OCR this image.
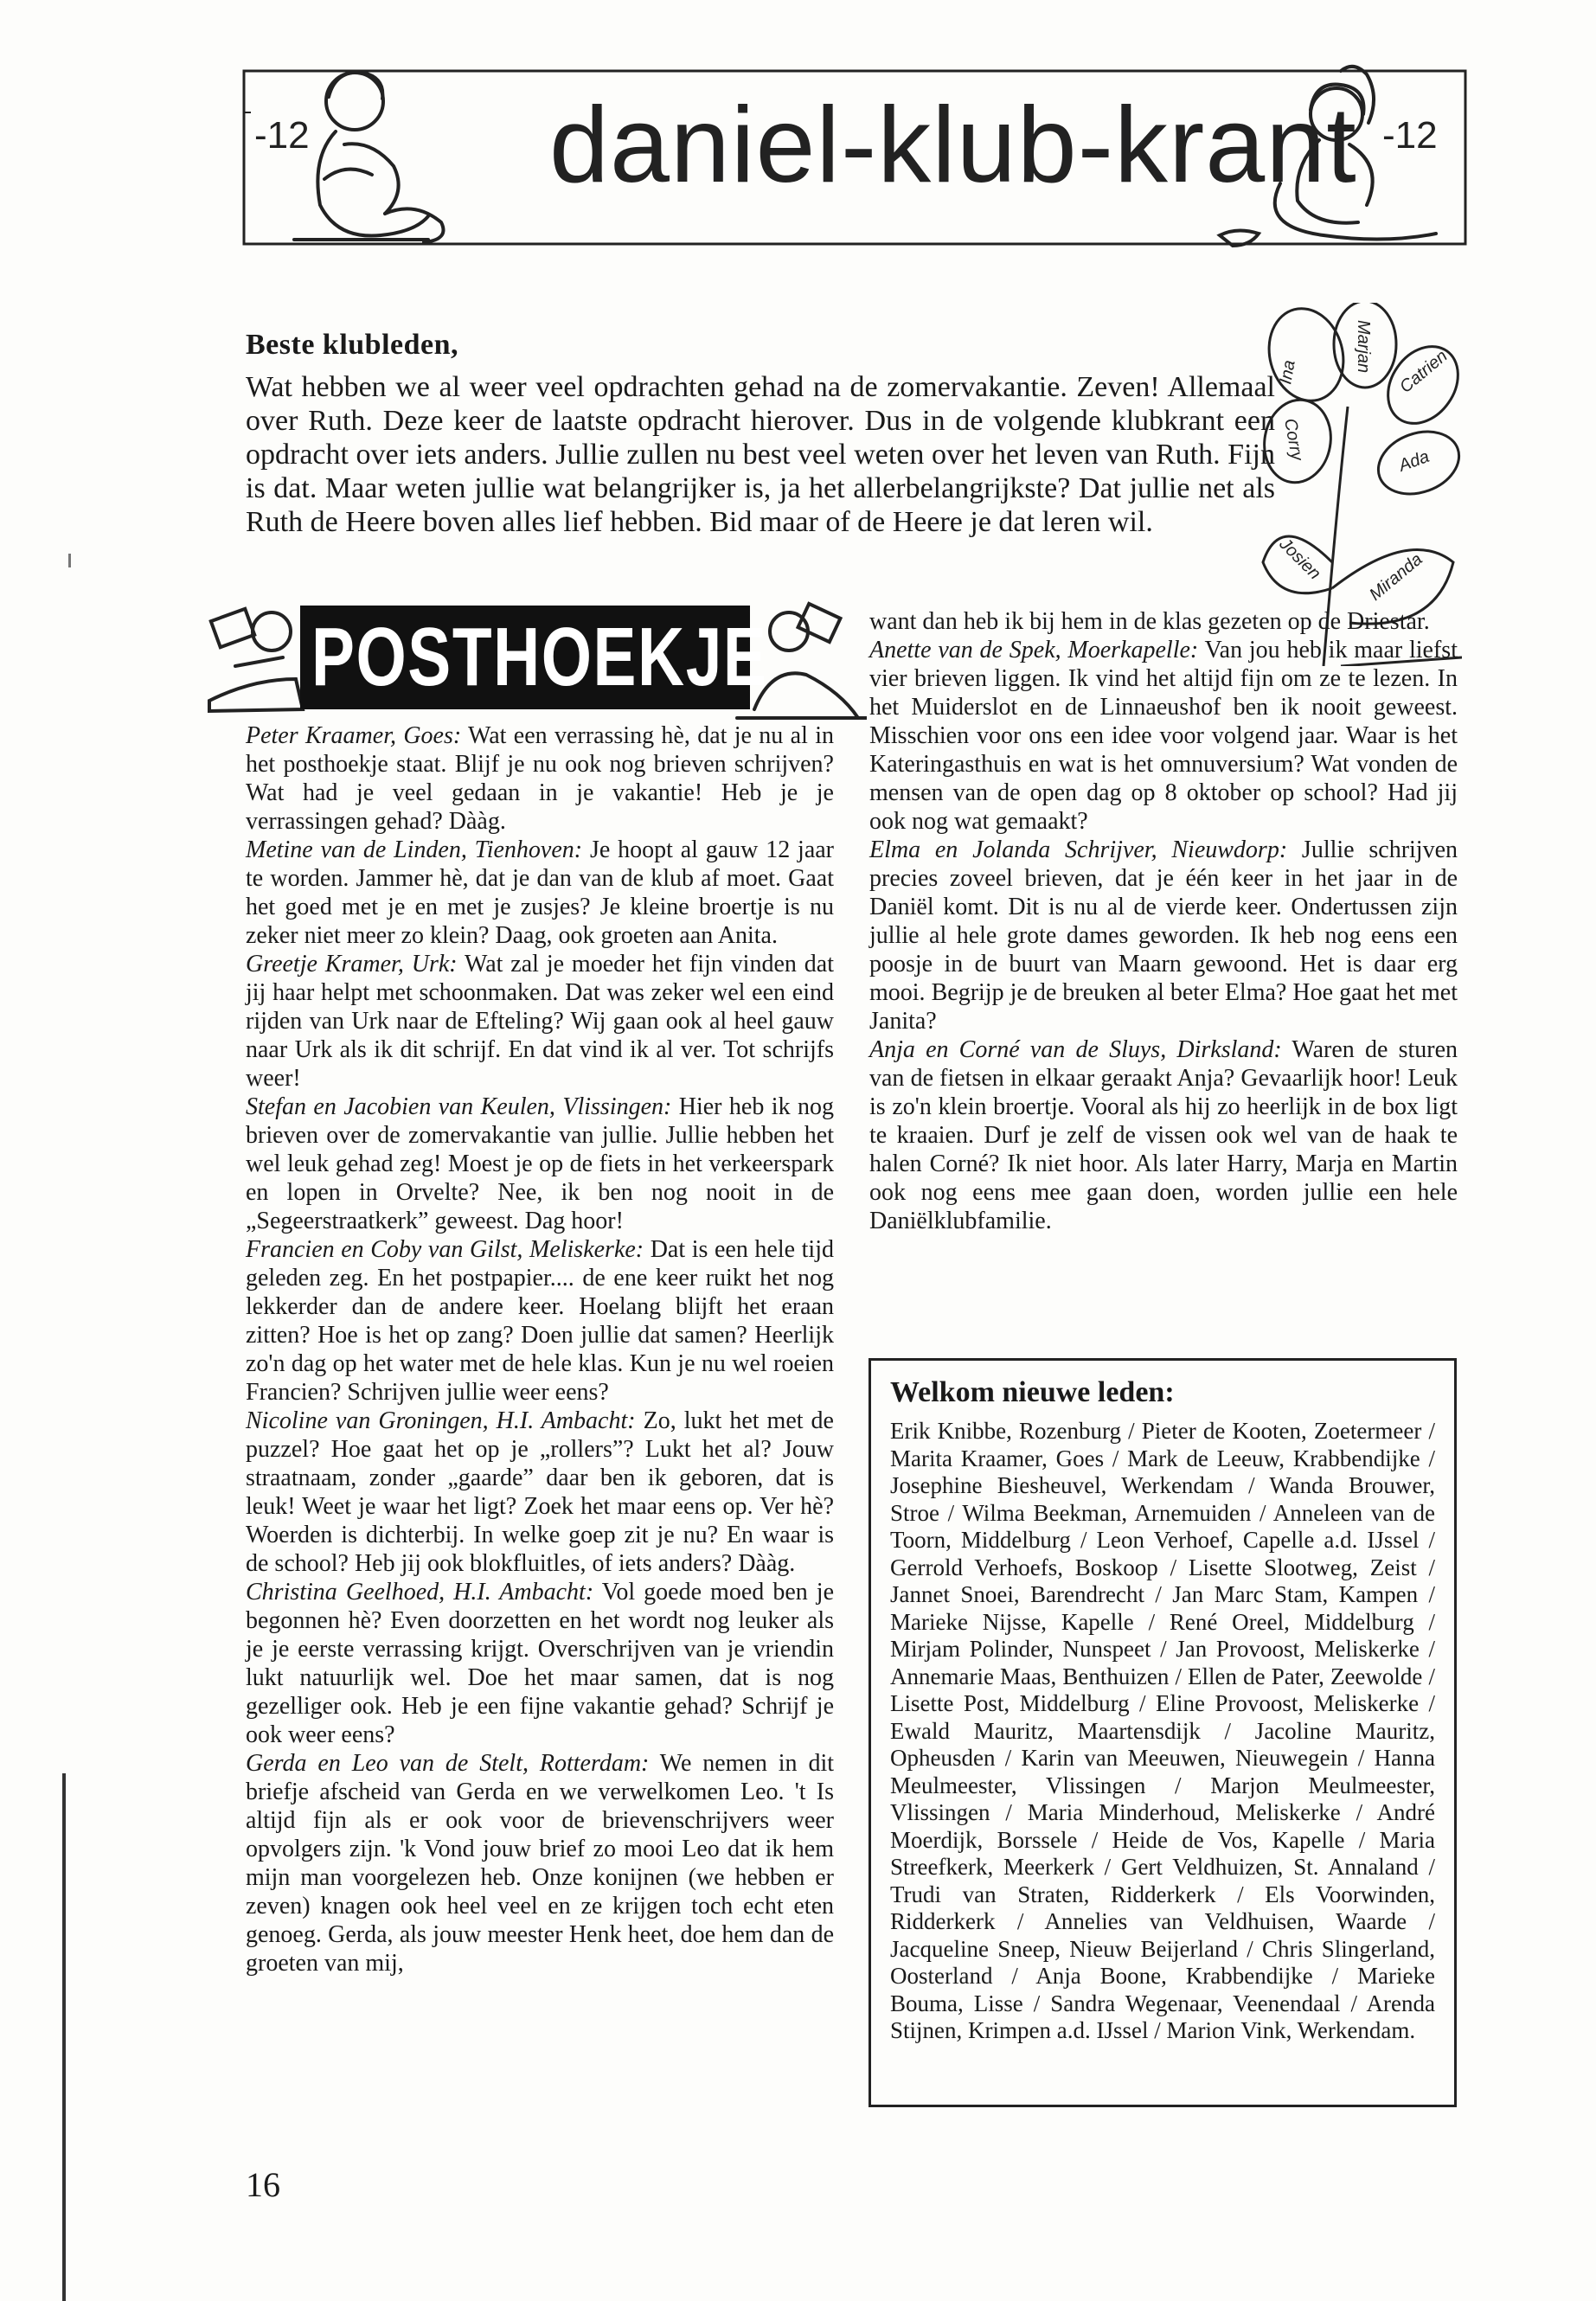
-12 daniel-klub-krant -12
Beste klubleden,

Wat hebben we al weer veel opdrachten gehad na de zomervakantie. Zeven! Allemaal over Ruth. Deze keer de laatste opdracht hierover. Dus in de volgende klubkrant een opdracht over iets anders. Jullie zullen nu best veel weten over het leven van Ruth. Fijn is dat. Maar weten jullie wat belangrijker is, ja het allerbelangrijkste? Dat jullie net als Ruth de Heere boven alles lief hebben. Bid maar of de Heere je dat leren wil.

Ina	Marjan Catrien
Corry	Ada
Josien Miranda
POSTHOEKJE

Peter Kraamer, Goes: Wat een verrassing hè, dat je nu al in het posthoekje staat. Blijf je nu ook nog brieven schrijven? Wat had je veel gedaan in je vakantie! Heb je je verrassingen gehad? Dààg.

Metine van de Linden, Tienhoven: Je hoopt al gauw 12 jaar te worden. Jammer hè, dat je dan van de klub af moet. Gaat het goed met je en met je zusjes? Je kleine broertje is nu zeker niet meer zo klein? Daag, ook groeten aan Anita.

Greetje Kramer, Urk: Wat zal je moeder het fijn vinden dat jij haar helpt met schoonmaken. Dat was zeker wel een eind rijden van Urk naar de Efteling? Wij gaan ook al heel gauw naar Urk als ik dit schrijf. En dat vind ik al ver. Tot schrijfs weer!

Stefan en Jacobien van Keulen, Vlissingen: Hier heb ik nog brieven over de zomervakantie van jullie. Jullie hebben het wel leuk gehad zeg! Moest je op de fiets in het verkeerspark en lopen in Orvelte? Nee, ik ben nog nooit in de „Segeerstraatkerk” geweest. Dag hoor!

Francien en Coby van Gilst, Meliskerke: Dat is een hele tijd geleden zeg. En het postpapier.... de ene keer ruikt het nog lekkerder dan de andere keer. Hoelang blijft het eraan zitten? Hoe is het op zang? Doen jullie dat samen? Heerlijk zo'n dag op het water met de hele klas. Kun je nu wel roeien Francien? Schrijven jullie weer eens?

Nicoline van Groningen, H.I. Ambacht: Zo, lukt het met de puzzel? Hoe gaat het op je „rollers”? Lukt het al? Jouw straatnaam, zonder „gaarde” daar ben ik geboren, dat is leuk! Weet je waar het ligt? Zoek het maar eens op. Ver hè? Woerden is dichterbij. In welke goep zit je nu? En waar is de school? Heb jij ook blokfluitles, of iets anders? Dààg.

Christina Geelhoed, H.I. Ambacht: Vol goede moed ben je begonnen hè? Even doorzetten en het wordt nog leuker als je je eerste verrassing krijgt. Overschrijven van je vriendin lukt natuurlijk wel. Doe het maar samen, dat is nog gezelliger ook. Heb je een fijne vakantie gehad? Schrijf je ook weer eens?

Gerda en Leo van de Stelt, Rotterdam: We nemen in dit briefje afscheid van Gerda en we verwelkomen Leo. 't Is altijd fijn als er ook voor de brievenschrijvers weer opvolgers zijn. 'k Vond jouw brief zo mooi Leo dat ik hem mijn man voorgelezen heb. Onze konijnen (we hebben er zeven) knagen ook heel veel en ze krijgen toch echt eten genoeg. Gerda, als jouw meester Henk heet, doe hem dan de groeten van mij,

want dan heb ik bij hem in de klas gezeten op de Driestar.

Anette van de Spek, Moerkapelle: Van jou heb ik maar liefst vier brieven liggen. Ik vind het altijd fijn om ze te lezen. In het Muiderslot en de Linnaeushof ben ik nooit geweest. Misschien voor ons een idee voor volgend jaar. Waar is het Kateringasthuis en wat is het omnuversium? Wat vonden de mensen van de open dag op 8 oktober op school? Had jij ook nog wat gemaakt?

Elma en Jolanda Schrijver, Nieuwdorp: Jullie schrijven precies zoveel brieven, dat je één keer in het jaar in de Daniël komt. Dit is nu al de vierde keer. Ondertussen zijn jullie al hele grote dames geworden. Ik heb nog eens een poosje in de buurt van Maarn gewoond. Het is daar erg mooi. Begrijp je de breuken al beter Elma? Hoe gaat het met Janita?

Anja en Corné van de Sluys, Dirksland: Waren de sturen van de fietsen in elkaar geraakt Anja? Gevaarlijk hoor! Leuk is zo'n klein broertje. Vooral als hij zo heerlijk in de box ligt te kraaien. Durf je zelf de vissen ook wel van de haak te halen Corné? Ik niet hoor. Als later Harry, Marja en Martin ook nog eens mee gaan doen, worden jullie een hele Daniëlklubfamilie.

Welkom nieuwe leden:

Erik Knibbe, Rozenburg / Pieter de Kooten, Zoetermeer / Marita Kraamer, Goes / Mark de Leeuw, Krabbendijke / Josephine Biesheuvel, Werkendam / Wanda Brouwer, Stroe / Wilma Beekman, Arnemuiden / Anneleen van de Toorn, Middelburg / Leon Verhoef, Capelle a.d. IJssel / Gerrold Verhoefs, Boskoop / Lisette Slootweg, Zeist / Jannet Snoei, Barendrecht / Jan Marc Stam, Kampen / Marieke Nijsse, Kapelle / René Oreel, Middelburg / Mirjam Polinder, Nunspeet / Jan Provoost, Meliskerke / Annemarie Maas, Benthuizen / Ellen de Pater, Zeewolde / Lisette Post, Middelburg / Eline Provoost, Meliskerke / Ewald Mauritz, Maartensdijk / Jacoline Mauritz, Opheusden / Karin van Meeuwen, Nieuwegein / Hanna Meulmeester, Vlissingen / Marjon Meulmeester, Vlissingen / Maria Minderhoud, Meliskerke / André Moerdijk, Borssele / Heide de Vos, Kapelle / Maria Streefkerk, Meerkerk / Gert Veldhuizen, St. Annaland / Trudi van Straten, Ridderkerk / Els Voorwinden, Ridderkerk / Annelies van Veldhuisen, Waarde / Jacqueline Sneep, Nieuw Beijerland / Chris Slingerland, Oosterland / Anja Boone, Krabbendijke / Marieke Bouma, Lisse / Sandra Wegenaar, Veenendaal / Arenda Stijnen, Krimpen a.d. IJssel / Marion Vink, Werkendam.

16
